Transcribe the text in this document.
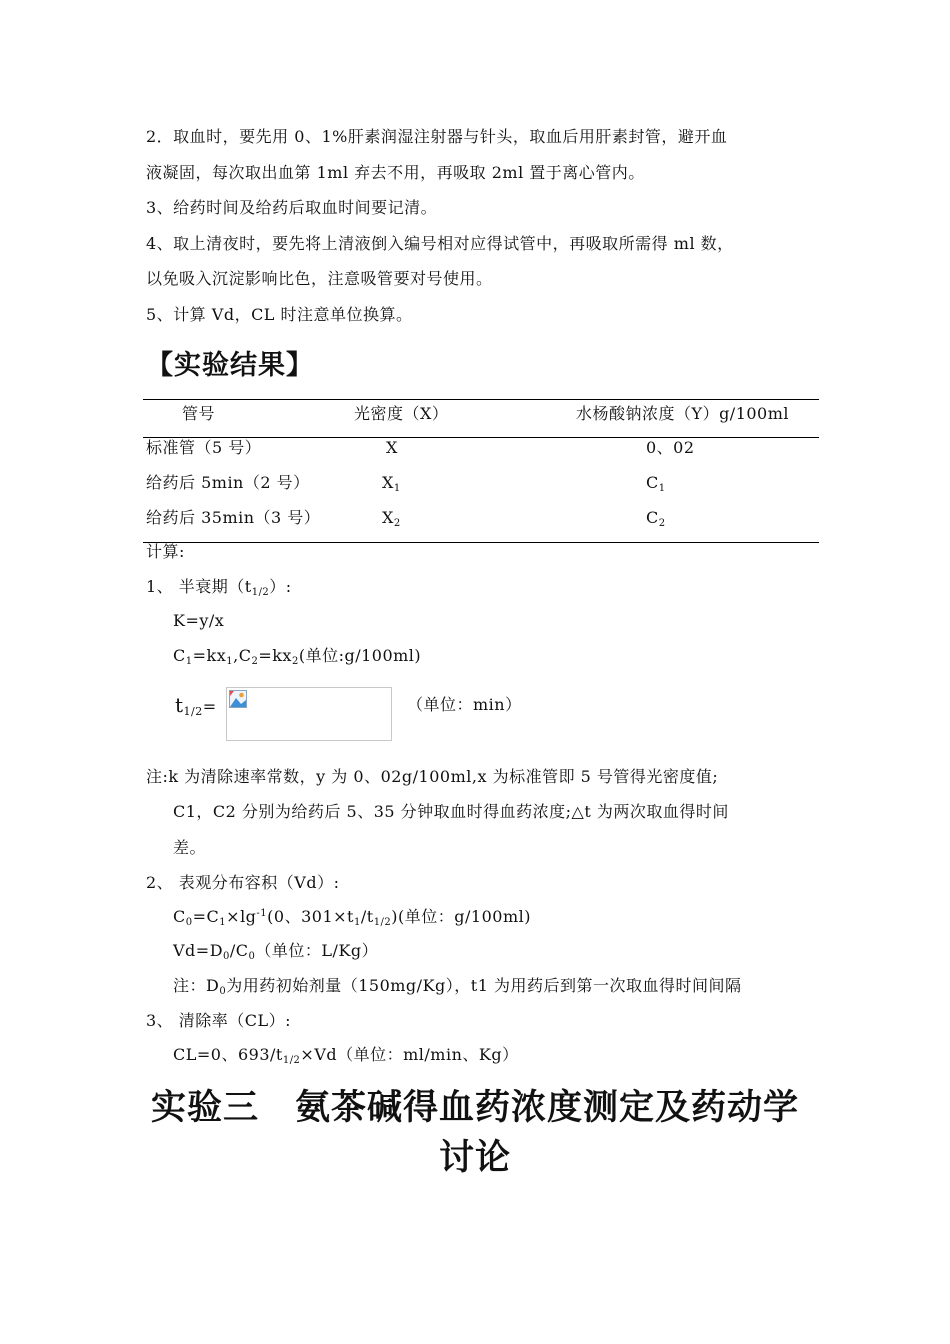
2．取血时，要先用 0、1%肝素润湿注射器与针头，取血后用肝素封管，避开血
液凝固，每次取出血第 1ml 弃去不用，再吸取 2ml 置于离心管内。
3、给药时间及给药后取血时间要记清。
4、取上清夜时，要先将上清液倒入编号相对应得试管中，再吸取所需得 ml 数，
以免吸入沉淀影响比色，注意吸管要对号使用。
5、计算 Vd，CL 时注意单位换算。
【实验结果】
管号	光密度（X）	水杨酸钠浓度（Y）g/100ml
标准管（5 号）	X	0、02
给药后 5min（2 号）	$X_1$	$C_1$
给药后 35min（3 号）	$X_2$	$C_2$
计算:
1、 半衰期$(t_{1/2})$:
K=y/x
$C_1=kx_1,C_2=kx_2$(单位:g/100ml)
$t_{1/2}=$	（单位：min）
注:k 为清除速率常数，y 为 0、02g/100ml,x 为标准管即 5 号管得光密度值;
C1，C2 分别为给药后 5、35 分钟取血时得血药浓度;△t 为两次取血得时间
差。
2、 表观分布容积（Vd）:
$C_0=C_1\times\lg^{-1}(0$、$301\times t_1/t_{1/2}$)(单位：g/100ml)
$Vd=D_0/C_0$（单位：L/Kg）
注：$D_0$为用药初始剂量（150mg/Kg），t1 为用药后到第一次取血得时间间隔
3、 清除率（CL）:
CL=0、$693/t_{1/2}\times Vd$（单位：ml/min、Kg）
实验三　氨茶碱得血药浓度测定及药动学
讨论
